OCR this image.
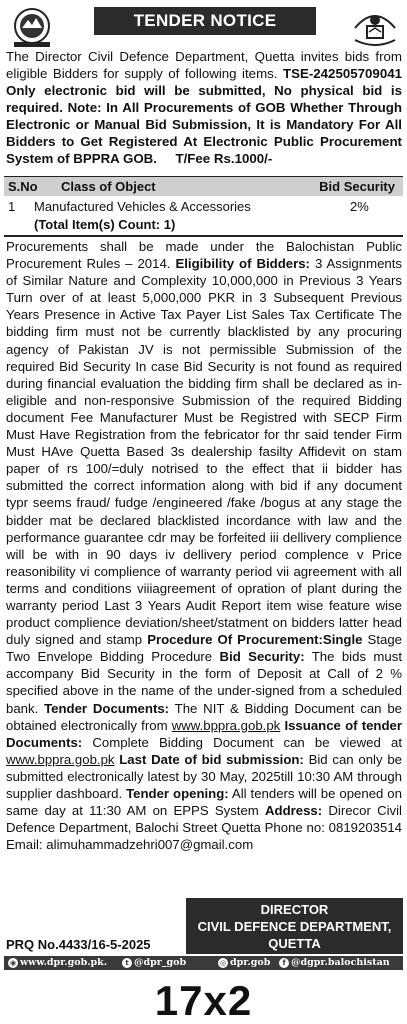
TENDER NOTICE
The Director Civil Defence Department, Quetta invites bids from eligible Bidders for supply of following items. TSE-242505709041 Only electronic bid will be submitted, No physical bid is required. Note: In All Procurements of GOB Whether Through Electronic or Manual Bid Submission, It is Mandatory For All Bidders to Get Registered At Electronic Public Procurement System of BPPRA GOB. T/Fee Rs.1000/-
S.No Class of Object	Bid Security
1 Manufactured Vehicles & Accessories	2%
(Total Item(s) Count: 1)
Procurements shall be made under the Balochistan Public Procurement Rules – 2014. Eligibility of Bidders: 3 Assignments of Similar Nature and Complexity 10,000,000 in Previous 3 Years Turn over of at least 5,000,000 PKR in 3 Subsequent Previous Years Presence in Active Tax Payer List Sales Tax Certificate The bidding firm must not be currently blacklisted by any procuring agency of Pakistan JV is not permissible Submission of the required Bid Security In case Bid Security is not found as required during financial evaluation the bidding firm shall be declared as in-eligible and non-responsive Submission of the required Bidding document Fee Manufacturer Must be Registred with SECP Firm Must Have Registration from the febricator for thr said tender Firm Must HAve Quetta Based 3s dealership fasilty Affidevit on stam paper of rs 100/=duly notrised to the effect that ii bidder has submitted the correct information along with bid if any document typr seems fraud/ fudge /engineered /fake /bogus at any stage the bidder mat be declared blacklisted incordance with law and the performance guarantee cdr may be forfeited iii dellivery complience will be with in 90 days iv dellivery period complence v Price reasonibility vi complience of warranty period vii agreement with all terms and conditions viiiagreement of opration of plant during the warranty period Last 3 Years Audit Report item wise feature wise product complience deviation/sheet/statment on bidders latter head duly signed and stamp Procedure Of Procurement:Single Stage Two Envelope Bidding Procedure Bid Security: The bids must accompany Bid Security in the form of Deposit at Call of 2 % specified above in the name of the under-signed from a scheduled bank. Tender Documents: The NIT & Bidding Document can be obtained electronically from www.bppra.gob.pk Issuance of tender Documents: Complete Bidding Document can be viewed at www.bppra.gob.pk Last Date of bid submission: Bid can only be submitted electronically latest by 30 May, 2025till 10:30 AM through supplier dashboard. Tender opening: All tenders will be opened on same day at 11:30 AM on EPPS System Address: Direcor Civil Defence Department, Balochi Street Quetta Phone no: 0819203514 Email: alimuhammadzehri007@gmail.com
DIRECTOR
CIVIL DEFENCE DEPARTMENT,
QUETTA
PRQ No.4433/16-5-2025
◉ www.dpr.gob.pk.	t @dpr_gob	◎ dpr.gob	f @dgpr.balochistan
17x2
